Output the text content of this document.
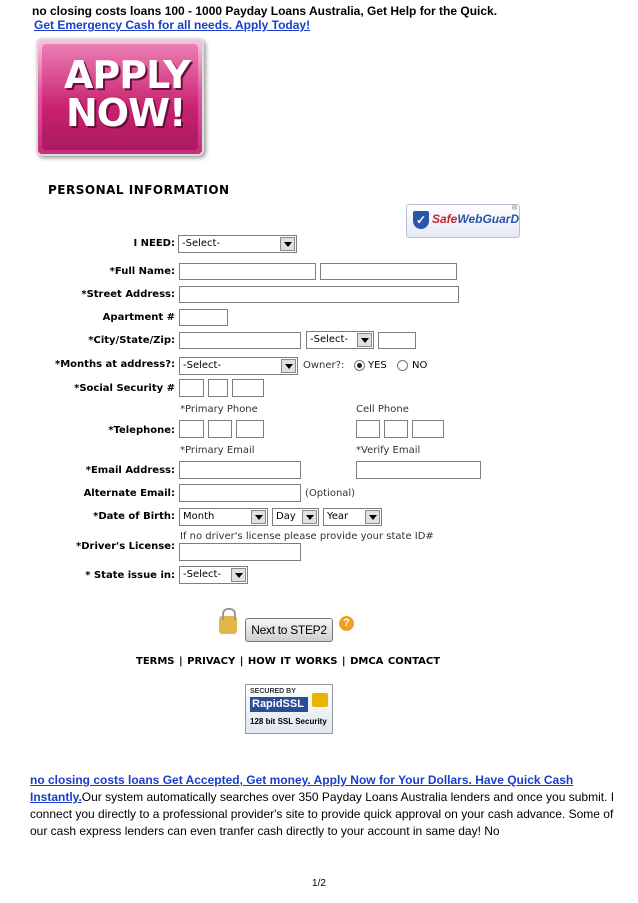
no closing costs loans 100 - 1000 Payday Loans Australia, Get Help for the Quick.
Get Emergency Cash for all needs. Apply Today!
APPLY
NOW!
PERSONAL INFORMATION
✓ SafeWebGuarD
®
I NEED: -Select-
*Full Name:
*Street Address:
Apartment #
*City/State/Zip:	-Select-
*Months at address?: -Select-	Owner?: YES	NO
*Social Security #
*Primary Phone	Cell Phone
*Telephone:
*Primary Email	*Verify Email
*Email Address:
Alternate Email:	(Optional)
*Date of Birth: Month	Day	Year
If no driver's license please provide your state ID#
*Driver's License:
* State issue in: -Select-
Next to STEP2	?
TERMS | PRIVACY | HOW IT WORKS | DMCA CONTACT
SECURED BY
RapidSSL
128 bit SSL Security
no closing costs loans Get Accepted, Get money. Apply Now for Your Dollars. Have Quick Cash Instantly.Our system automatically searches over 350 Payday Loans Australia lenders and once you submit. I connect you directly to a professional provider's site to provide quick approval on your cash advance. Some of our cash express lenders can even tranfer cash directly to your account in same day! No
1/2
